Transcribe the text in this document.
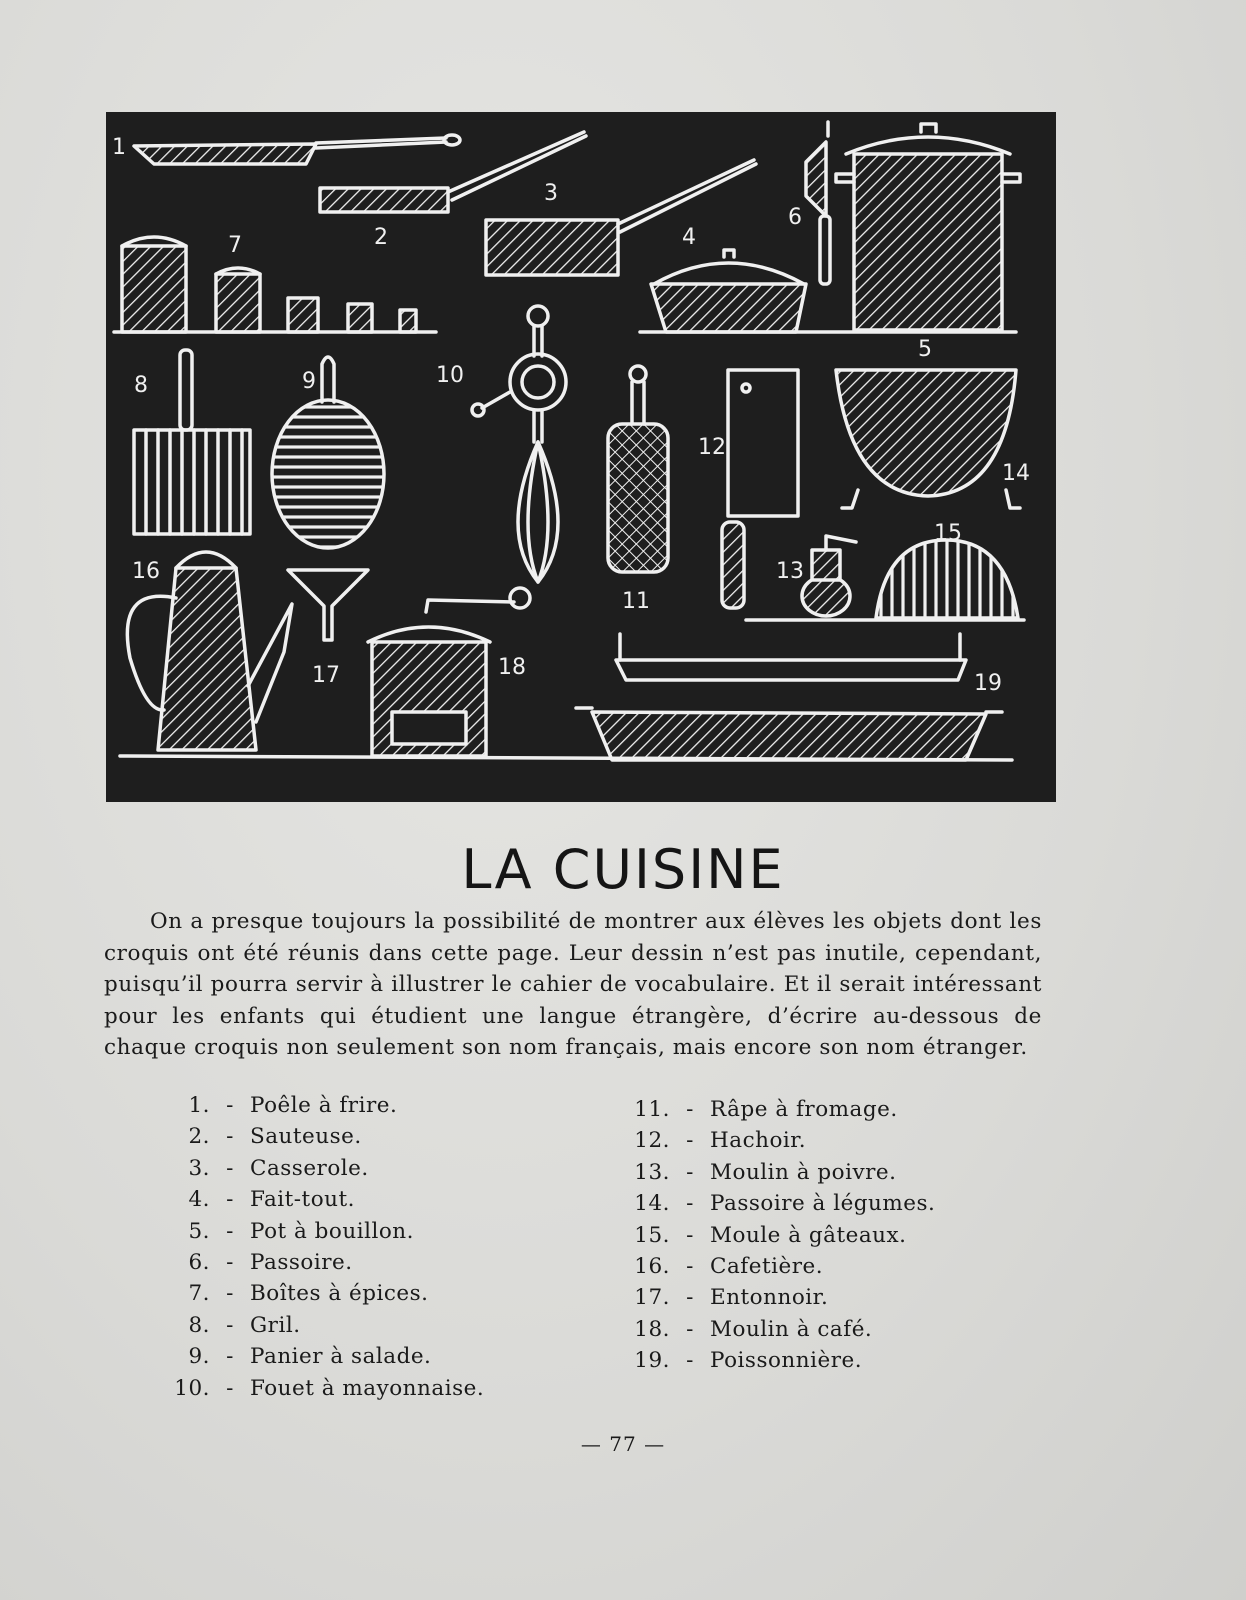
1
2
3
4
5
6
7
8	9	10
11
12
13
14
15
16
17	18
19
LA CUISINE

On a presque toujours la possibilité de montrer aux élèves les objets dont les croquis ont été réunis dans cette page. Leur dessin n’est pas inutile, cependant, puisqu’il pourra servir à illustrer le cahier de vocabulaire. Et il serait intéressant pour les enfants qui étudient une langue étrangère, d’écrire au-dessous de chaque croquis non seulement son nom français, mais encore son nom étranger.

1. - Poêle à frire.
2. - Sauteuse.
3. - Casserole.
4. - Fait-tout.
5. - Pot à bouillon.
6. - Passoire.
7. - Boîtes à épices.
8. - Gril.
9. - Panier à salade.
10. - Fouet à mayonnaise.
11. - Râpe à fromage.
12. - Hachoir.
13. - Moulin à poivre.
14. - Passoire à légumes.
15. - Moule à gâteaux.
16. - Cafetière.
17. - Entonnoir.
18. - Moulin à café.
19. - Poissonnière.
— 77 —
